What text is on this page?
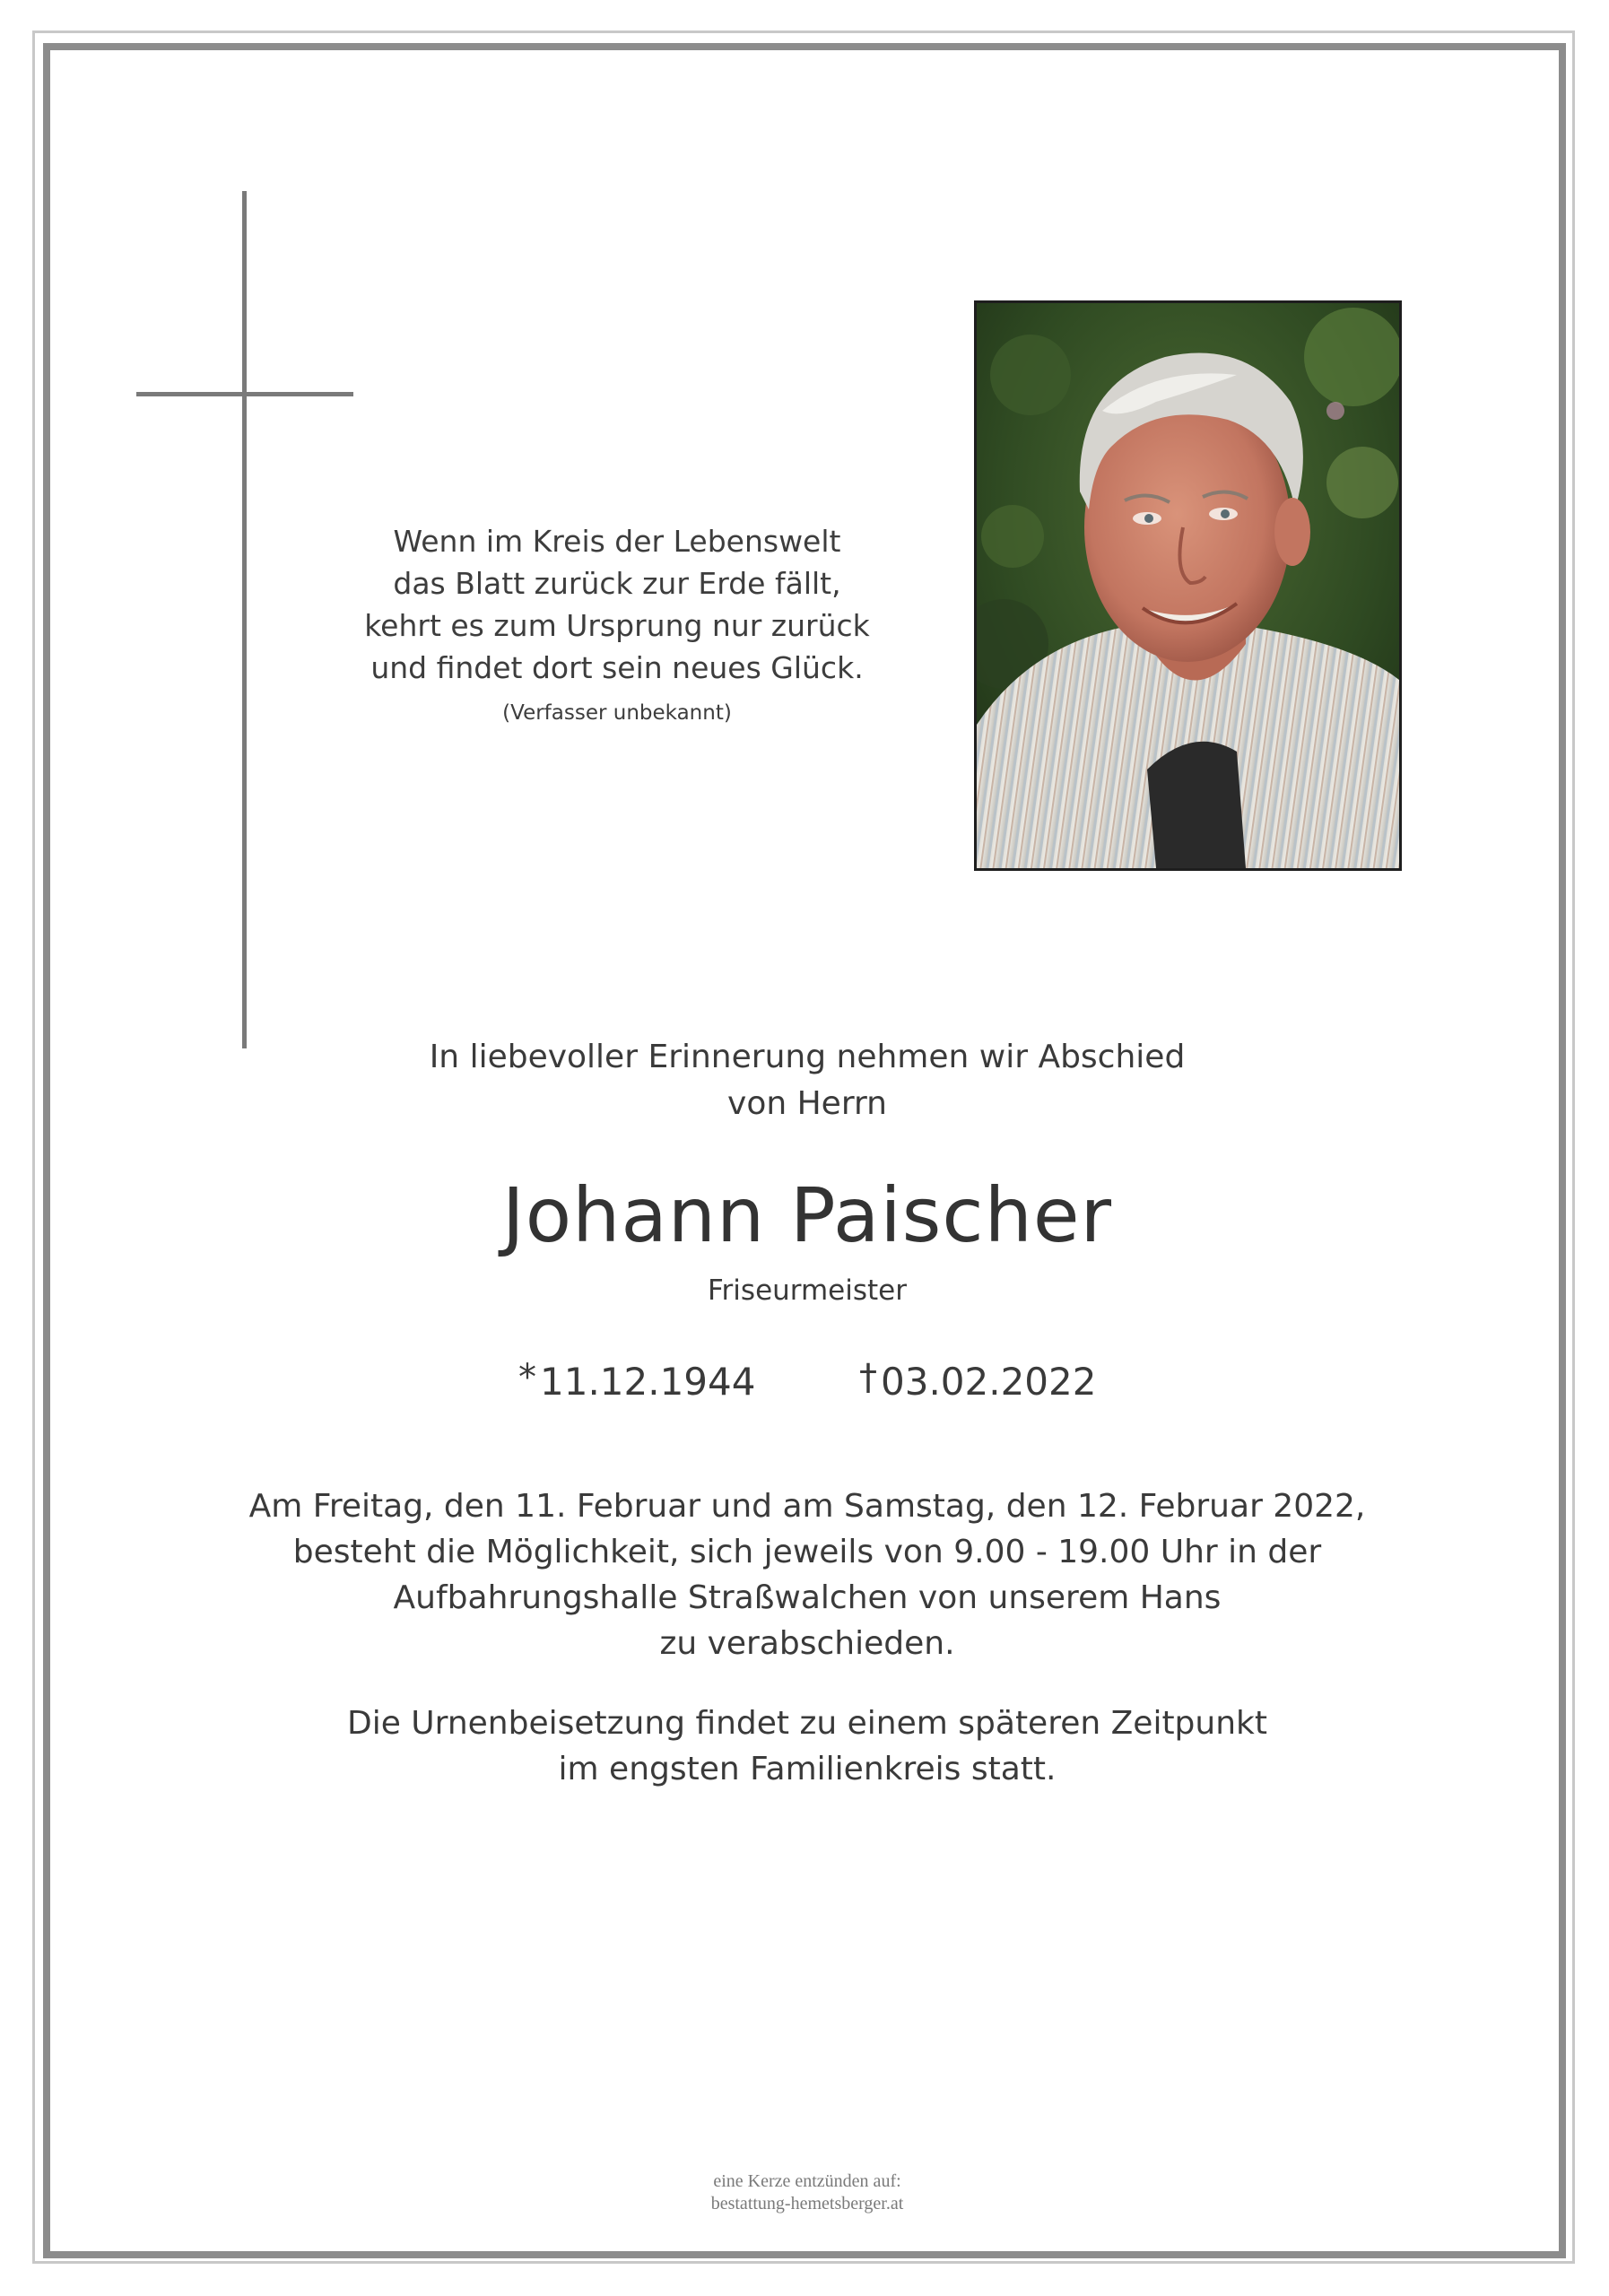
Wenn im Kreis der Lebenswelt
das Blatt zurück zur Erde fällt,
kehrt es zum Ursprung nur zurück
und findet dort sein neues Glück.
(Verfasser unbekannt)
In liebevoller Erinnerung nehmen wir Abschied
von Herrn
Johann Paischer
Friseurmeister
*11.12.1944	†03.02.2022
Am Freitag, den 11. Februar und am Samstag, den 12. Februar 2022,
besteht die Möglichkeit, sich jeweils von 9.00 - 19.00 Uhr in der
Aufbahrungshalle Straßwalchen von unserem Hans
zu verabschieden.
Die Urnenbeisetzung findet zu einem späteren Zeitpunkt
im engsten Familienkreis statt.
eine Kerze entzünden auf:
bestattung-hemetsberger.at
